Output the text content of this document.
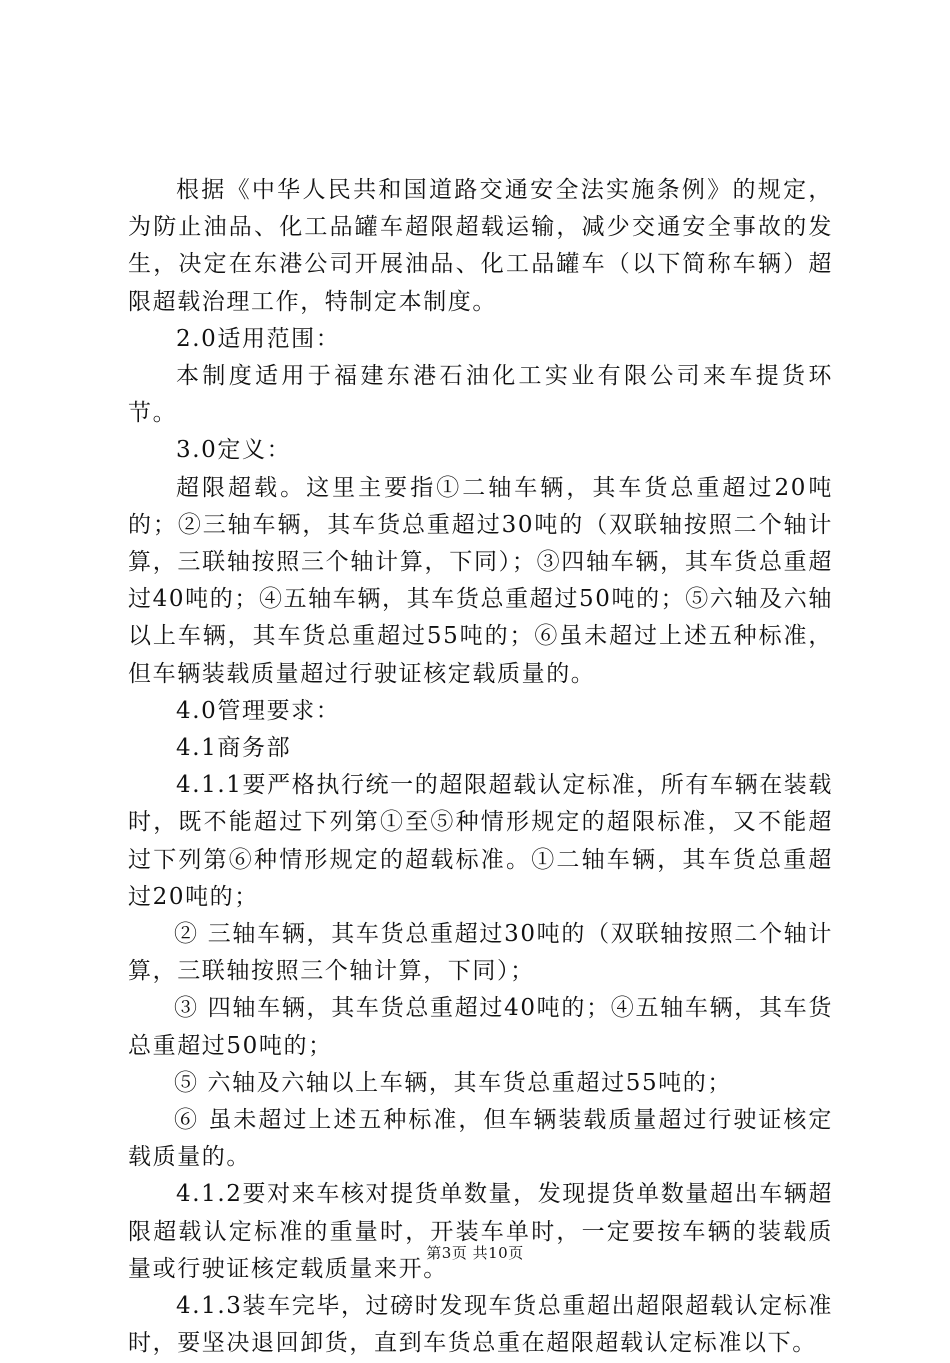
根据《中华人民共和国道路交通安全法实施条例》的规定，为防止油品、化工品罐车超限超载运输，减少交通安全事故的发生，决定在东港公司开展油品、化工品罐车（以下简称车辆）超限超载治理工作，特制定本制度。

2.0适用范围：

本制度适用于福建东港石油化工实业有限公司来车提货环节。

3.0定义：

超限超载。这里主要指①二轴车辆，其车货总重超过20吨的；②三轴车辆，其车货总重超过30吨的（双联轴按照二个轴计算，三联轴按照三个轴计算，下同）；③四轴车辆，其车货总重超过40吨的；④五轴车辆，其车货总重超过50吨的；⑤六轴及六轴以上车辆，其车货总重超过55吨的；⑥虽未超过上述五种标准，但车辆装载质量超过行驶证核定载质量的。

4.0管理要求：

4.1商务部

4.1.1要严格执行统一的超限超载认定标准，所有车辆在装载时，既不能超过下列第①至⑤种情形规定的超限标准，又不能超过下列第⑥种情形规定的超载标准。①二轴车辆，其车货总重超过20吨的；

② 三轴车辆，其车货总重超过30吨的（双联轴按照二个轴计算，三联轴按照三个轴计算，下同）；

③ 四轴车辆，其车货总重超过40吨的；④五轴车辆，其车货总重超过50吨的；

⑤ 六轴及六轴以上车辆，其车货总重超过55吨的；

⑥ 虽未超过上述五种标准，但车辆装载质量超过行驶证核定载质量的。

4.1.2要对来车核对提货单数量，发现提货单数量超出车辆超限超载认定标准的重量时，开装车单时，一定要按车辆的装载质量或行驶证核定载质量来开。

4.1.3装车完毕，过磅时发现车货总重超出超限超载认定标准时，要坚决退回卸货，直到车货总重在超限超载认定标准以下。

第3页 共10页
